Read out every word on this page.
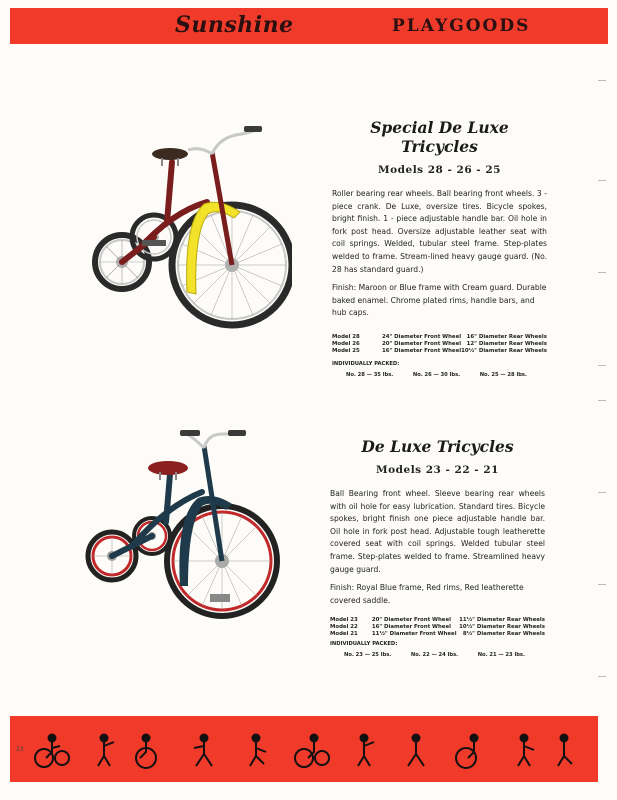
Sunshine	PLAYGOODS
Special De Luxe Tricycles
Models 28 - 26 - 25
Roller bearing rear wheels. Ball bearing front wheels. 3 - piece crank. De Luxe, oversize tires. Bicycle spokes, bright finish. 1 - piece adjustable handle bar. Oil hole in fork post head. Oversize adjustable leather seat with coil springs. Welded, tubular steel frame. Step-plates welded to frame. Stream-lined heavy gauge guard. (No. 28 has standard guard.)
Finish: Maroon or Blue frame with Cream guard. Durable baked enamel. Chrome plated rims, handle bars, and hub caps.
Model 28	24" Diameter Front Wheel	16" Diameter Rear Wheels
Model 26	20" Diameter Front Wheel	12" Diameter Rear Wheels
Model 25	16" Diameter Front Wheel	10½" Diameter Rear Wheels
INDIVIDUALLY PACKED:
No. 28 — 35 lbs.	No. 26 — 30 lbs.	No. 25 — 28 lbs.
De Luxe Tricycles
Models 23 - 22 - 21
Ball Bearing front wheel. Sleeve bearing rear wheels with oil hole for easy lubrication. Standard tires. Bicycle spokes, bright finish one piece adjustable handle bar. Oil hole in fork post head. Adjustable tough leatherette covered seat with coil springs. Welded tubular steel frame. Step-plates welded to frame. Streamlined heavy gauge guard.
Finish: Royal Blue frame, Red rims, Red leatherette covered saddle.
Model 23	20" Diameter Front Wheel	11½" Diameter Rear Wheels
Model 22	16" Diameter Front Wheel	10½" Diameter Rear Wheels
Model 21	11½" Diameter Front Wheel	8½" Diameter Rear Wheels
INDIVIDUALLY PACKED:
No. 23 — 25 lbs.	No. 22 — 24 lbs.	No. 21 — 23 lbs.
23
